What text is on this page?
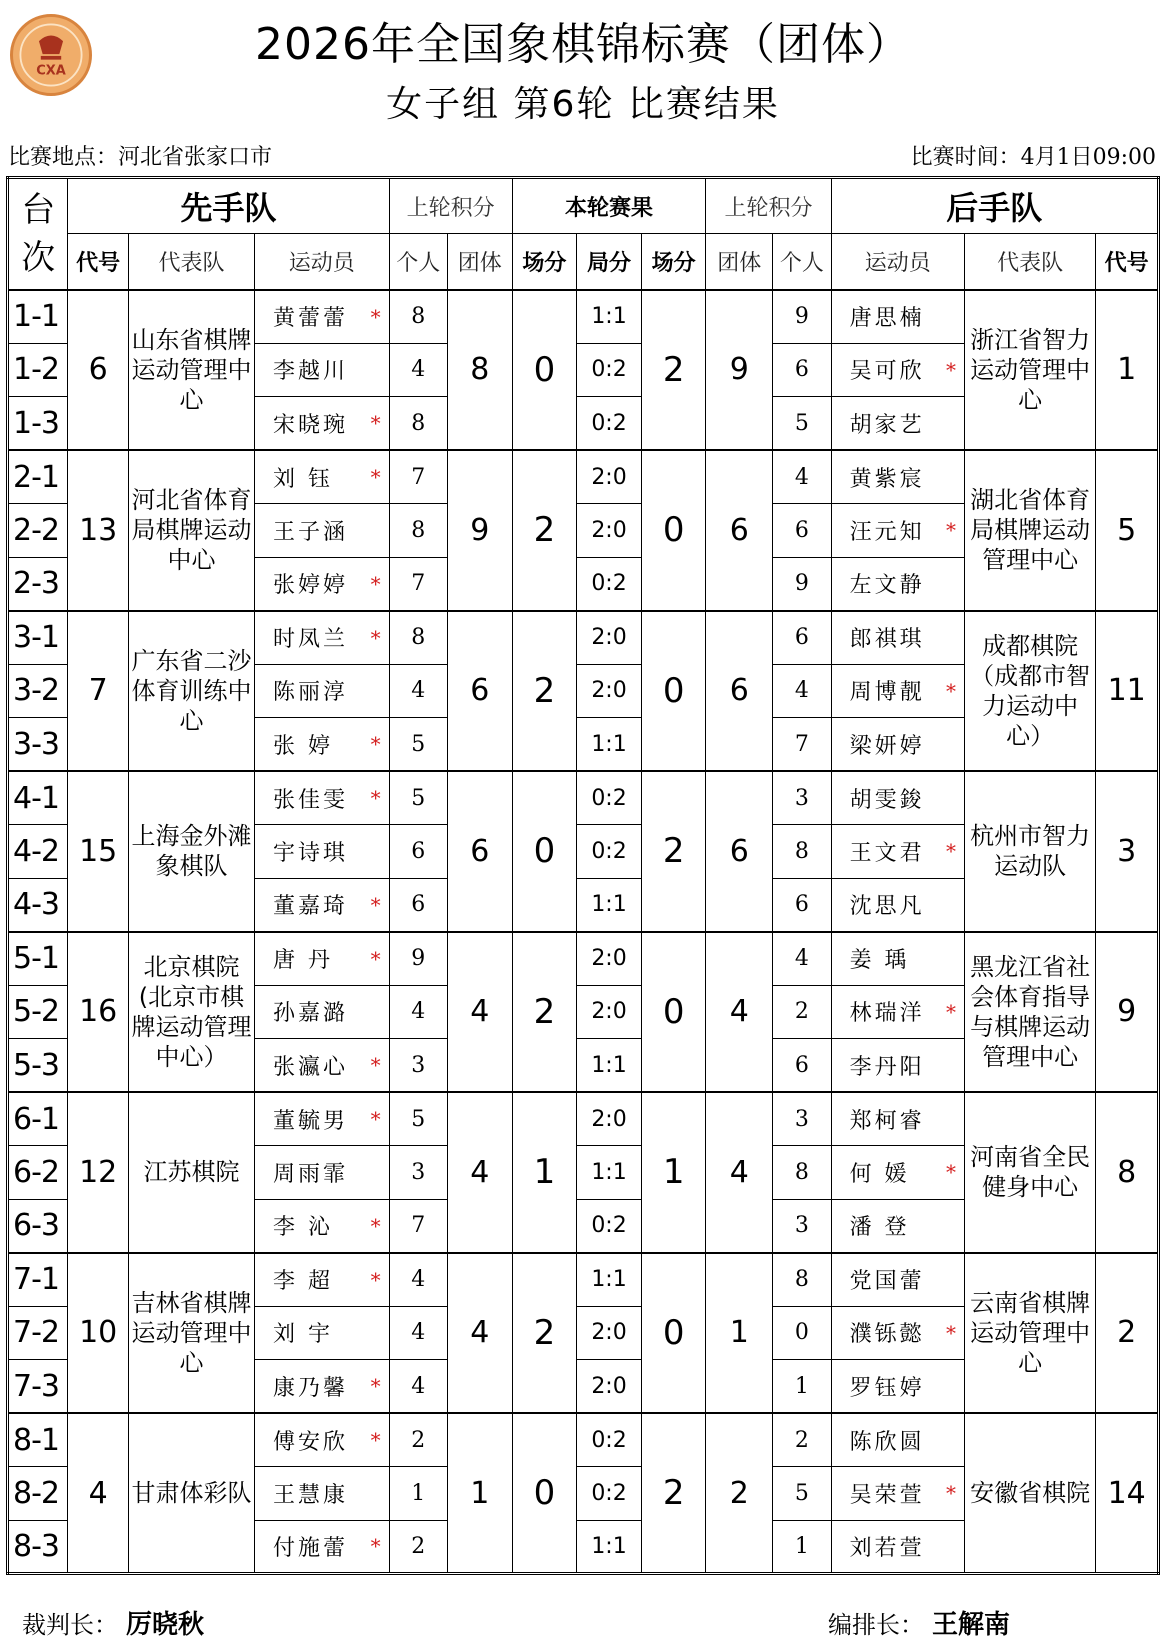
CXA
2026年全国象棋锦标赛（团体）
女子组 第6轮 比赛结果
比赛地点：河北省张家口市	比赛时间：4月1日09:00
台次	先手队			上轮积分		本轮赛果			上轮积分		后手队		
	代号	代表队	运动员	个人	团体	场分	局分	场分	团体	个人	运动员	代表队	代号
1-1	6	山东省棋牌运动管理中心	黄蕾蕾 *	8	8	0	1:1	2	9	9	唐思楠	浙江省智力运动管理中心	1
1-2			李越川	4			0:2			6	吴可欣 *		

1-3			宋晓琬 *	8			0:2			5	胡家艺		

2-1	13	河北省体育局棋牌运动中心	刘 钰 *	7	9	2	2:0	0	6	4	黄紫宸	湖北省体育局棋牌运动管理中心	5
2-2			王子涵	8			2:0			6	汪元知 *		

2-3			张婷婷 *	7			0:2			9	左文静		

3-1	7	广东省二沙体育训练中心	时凤兰 *	8	6	2	2:0	0	6	6	郎祺琪	成都棋院（成都市智力运动中心）	11
3-2			陈丽淳	4			2:0			4	周博靓 *		

3-3			张 婷 *	5			1:1			7	梁妍婷		

4-1	15	上海金外滩象棋队	张佳雯 *	5	6	0	0:2	2	6	3	胡雯鋑	杭州市智力运动队	3
4-2			宇诗琪	6			0:2			8	王文君 *		

4-3			董嘉琦 *	6			1:1			6	沈思凡		

5-1	16	北京棋院(北京市棋牌运动管理中心）	唐 丹 *	9	4	2	2:0	0	4	4	姜 瑀	黑龙江省社会体育指导与棋牌运动管理中心	9
5-2			孙嘉潞	4			2:0			2	林瑞洋 *		

5-3			张瀛心 *	3			1:1			6	李丹阳		

6-1	12	江苏棋院	董毓男 *	5	4	1	2:0	1	4	3	郑柯睿	河南省全民健身中心	8
6-2			周雨霏	3			1:1			8	何 媛 *		

6-3			李 沁 *	7			0:2			3	潘 登		

7-1	10	吉林省棋牌运动管理中心	李 超 *	4	4	2	1:1	0	1	8	党国蕾	云南省棋牌运动管理中心	2
7-2			刘 宇	4			2:0			0	濮铄懿 *		

7-3			康乃馨 *	4			2:0			1	罗钰婷		

8-1	4	甘肃体彩队	傅安欣 *	2	1	0	0:2	2	2	2	陈欣圆	安徽省棋院	14
8-2			王慧康	1			0:2			5	吴荣萱 *		

8-3			付施蕾 *	2			1:1			1	刘若萱		
裁判长： 厉晓秋	编排长： 王解南
